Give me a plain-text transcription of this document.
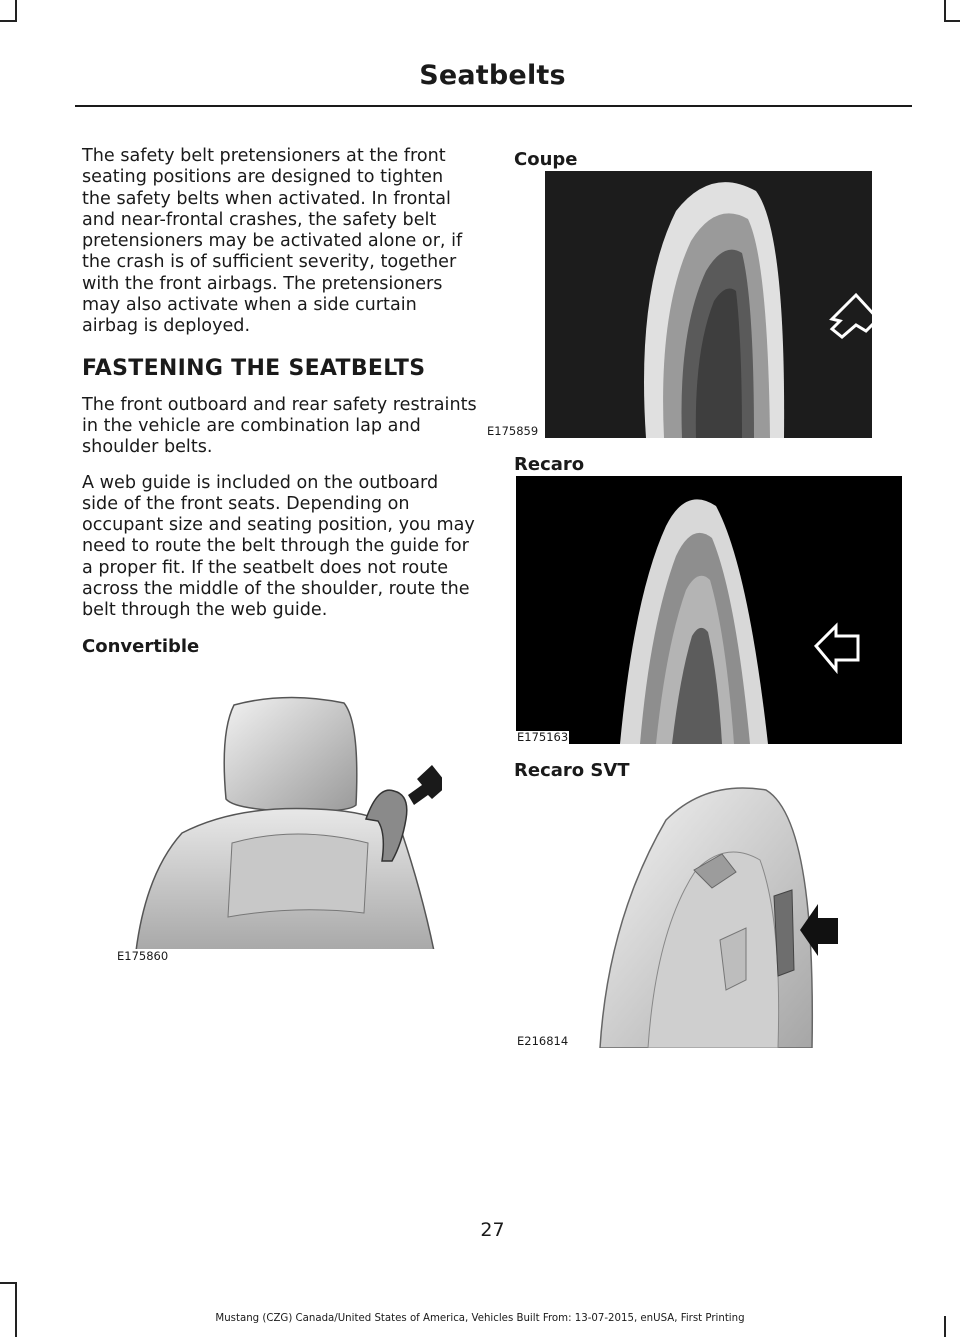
Seatbelts

The safety belt pretensioners at the front seating positions are designed to tighten the safety belts when activated. In frontal and near-frontal crashes, the safety belt pretensioners may be activated alone or, if the crash is of sufficient severity, together with the front airbags. The pretensioners may also activate when a side curtain airbag is deployed.

FASTENING THE SEATBELTS

The front outboard and rear safety restraints in the vehicle are combination lap and shoulder belts.

A web guide is included on the outboard side of the front seats. Depending on occupant size and seating position, you may need to route the belt through the guide for a proper fit. If the seatbelt does not route across the middle of the shoulder, route the belt through the web guide.

Convertible
E175860
Coupe
E175859
Recaro
E175163
Recaro SVT
E216814
27
Mustang (CZG) Canada/United States of America, Vehicles Built From: 13-07-2015, enUSA, First Printing
